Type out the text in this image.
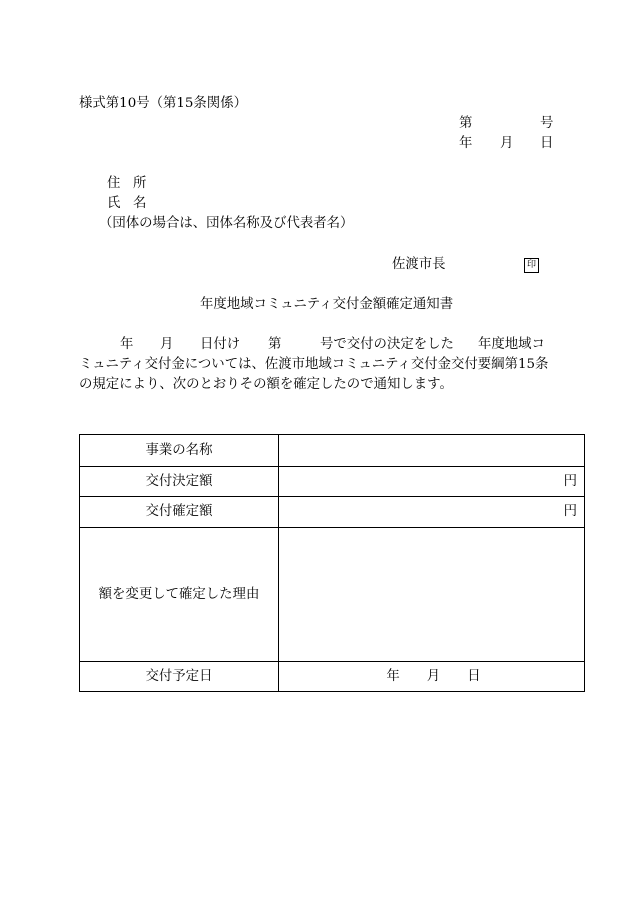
様式第10号（第15条関係）
第	号
年 月 日
住 所
氏 名
（団体の場合は、団体名称及び代表者名）
佐渡市長	印
年度地域コミュニティ交付金額確定通知書
年 月 日付け 第	号で交付の決定をした 年度地域コ
ミュニティ交付金については、佐渡市地域コミュニティ交付金交付要綱第15条
の規定により、次のとおりその額を確定したので通知します。
事業の名称	
交付決定額	円
交付確定額	円
額を変更して確定した理由	
交付予定日	年 月 日
